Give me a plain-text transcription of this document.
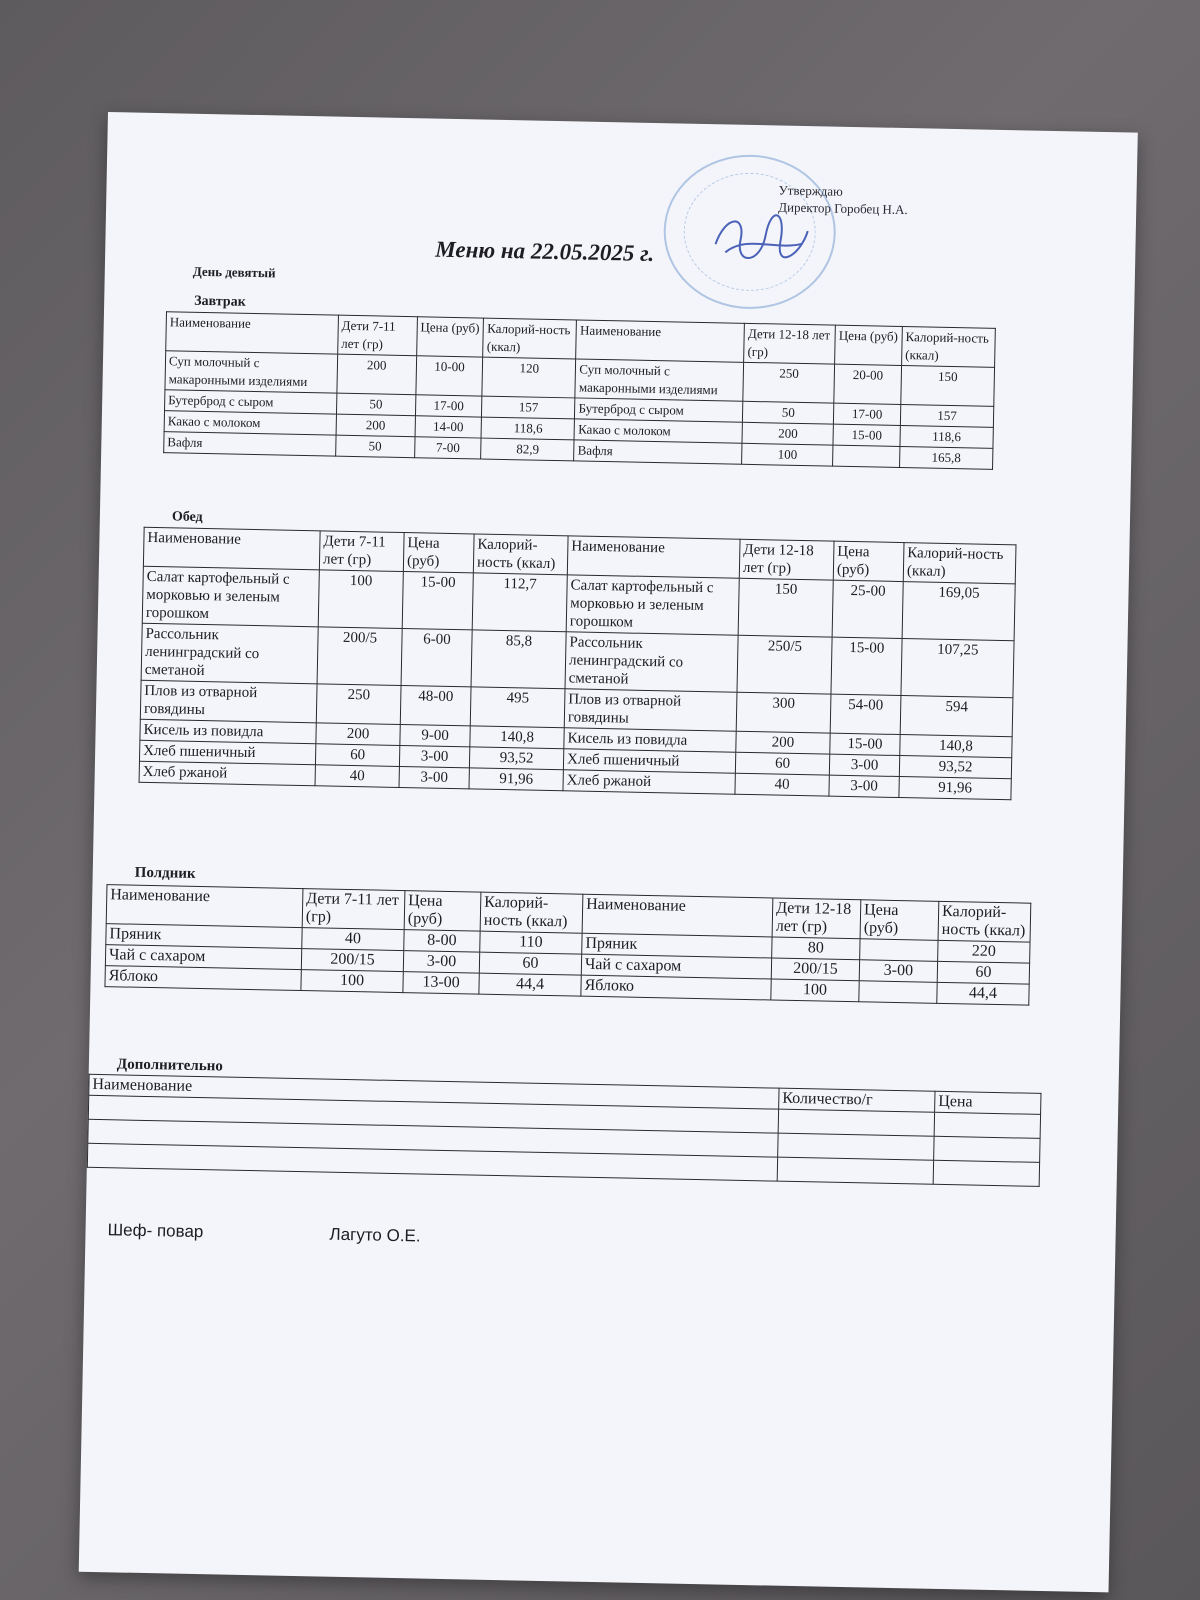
Утверждаю
Директор Горобец Н.А.
Меню на 22.05.2025 г.
День девятый
Завтрак
Наименование	Дети 7-11 лет (гр)	Цена (руб)	Калорий-ность (ккал)	Наименование	Дети 12-18 лет (гр)	Цена (руб)	Калорий-ность (ккал)
Суп молочный с макаронными изделиями	200	10-00	120	Суп молочный с макаронными изделиями	250	20-00	150
Бутерброд с сыром	50	17-00	157	Бутерброд с сыром	50	17-00	157
Какао с молоком	200	14-00	118,6	Какао с молоком	200	15-00	118,6
Вафля	50	7-00	82,9	Вафля	100		165,8
Обед
Наименование	Дети 7-11 лет (гр)	Цена (руб)	Калорий-ность (ккал)	Наименование	Дети 12-18 лет (гр)	Цена (руб)	Калорий-ность (ккал)
Салат картофельный с морковью и зеленым горошком	100	15-00	112,7	Салат картофельный с морковью и зеленым горошком	150	25-00	169,05
Рассольник ленинградский со сметаной	200/5	6-00	85,8	Рассольник ленинградский со сметаной	250/5	15-00	107,25
Плов из отварной говядины	250	48-00	495	Плов из отварной говядины	300	54-00	594
Кисель из повидла	200	9-00	140,8	Кисель из повидла	200	15-00	140,8
Хлеб пшеничный	60	3-00	93,52	Хлеб пшеничный	60	3-00	93,52
Хлеб ржаной	40	3-00	91,96	Хлеб ржаной	40	3-00	91,96
Полдник
Наименование	Дети 7-11 лет (гр)	Цена (руб)	Калорий-ность (ккал)	Наименование	Дети 12-18 лет (гр)	Цена (руб)	Калорий-ность (ккал)
Пряник	40	8-00	110	Пряник	80		220
Чай с сахаром	200/15	3-00	60	Чай с сахаром	200/15	3-00	60
Яблоко	100	13-00	44,4	Яблоко	100		44,4
Дополнительно
Наименование	Количество/г	Цена

Шеф- повар	Лагуто О.Е.
